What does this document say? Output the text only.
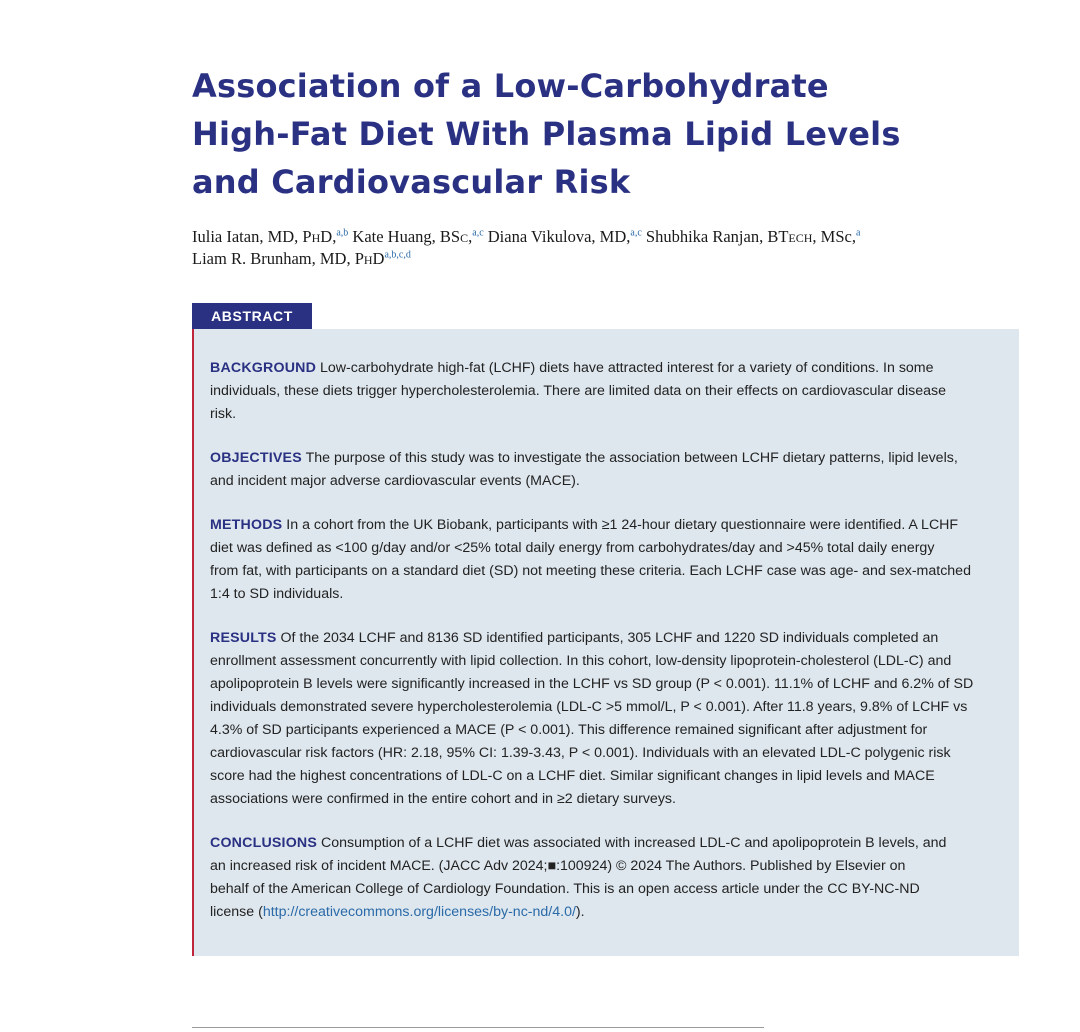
Association of a Low-Carbohydrate
High-Fat Diet With Plasma Lipid Levels
and Cardiovascular Risk
Iulia Iatan, MD, PhD,$^{a,b}$ Kate Huang, BSc,$^{a,c}$ Diana Vikulova, MD,$^{a,c}$ Shubhika Ranjan, BTech, MSc,$^a$
Liam R. Brunham, MD, PhD$^{a,b,c,d}$
ABSTRACT

BACKGROUND Low-carbohydrate high-fat (LCHF) diets have attracted interest for a variety of conditions. In some
individuals, these diets trigger hypercholesterolemia. There are limited data on their effects on cardiovascular disease
risk.

OBJECTIVES The purpose of this study was to investigate the association between LCHF dietary patterns, lipid levels,
and incident major adverse cardiovascular events (MACE).

METHODS In a cohort from the UK Biobank, participants with ≥1 24-hour dietary questionnaire were identified. A LCHF
diet was defined as <100 g/day and/or <25% total daily energy from carbohydrates/day and >45% total daily energy
from fat, with participants on a standard diet (SD) not meeting these criteria. Each LCHF case was age- and sex-matched
1:4 to SD individuals.

RESULTS Of the 2034 LCHF and 8136 SD identified participants, 305 LCHF and 1220 SD individuals completed an
enrollment assessment concurrently with lipid collection. In this cohort, low-density lipoprotein-cholesterol (LDL-C) and
apolipoprotein B levels were significantly increased in the LCHF vs SD group (P < 0.001). 11.1% of LCHF and 6.2% of SD
individuals demonstrated severe hypercholesterolemia (LDL-C >5 mmol/L, P < 0.001). After 11.8 years, 9.8% of LCHF vs
4.3% of SD participants experienced a MACE (P < 0.001). This difference remained significant after adjustment for
cardiovascular risk factors (HR: 2.18, 95% CI: 1.39-3.43, P < 0.001). Individuals with an elevated LDL-C polygenic risk
score had the highest concentrations of LDL-C on a LCHF diet. Similar significant changes in lipid levels and MACE
associations were confirmed in the entire cohort and in ≥2 dietary surveys.

CONCLUSIONS Consumption of a LCHF diet was associated with increased LDL-C and apolipoprotein B levels, and
an increased risk of incident MACE. (JACC Adv 2024;■:100924) © 2024 The Authors. Published by Elsevier on
behalf of the American College of Cardiology Foundation. This is an open access article under the CC BY-NC-ND
license (http://creativecommons.org/licenses/by-nc-nd/4.0/).
